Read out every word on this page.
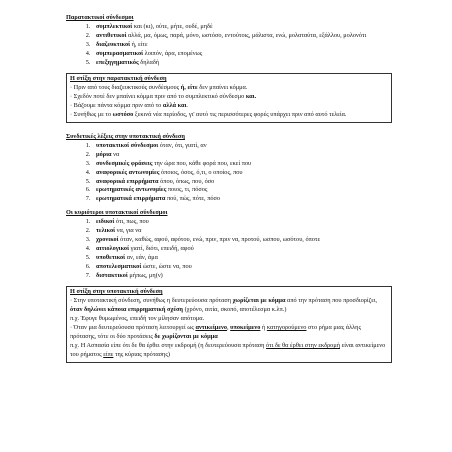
Παρατακτικοί σύνδεσμοι

1. συμπλεκτικοί και (κι), ούτε, μήτε, ουδέ, μηδέ
2. αντιθετικοί αλλά, μα, όμως, παρά, μόνο, ωστόσο, εντούτοις, μάλιστα, ενώ, μολαταύτα, εξάλλου, μολονότι
3. διαζευκτικοί ή, είτε
4. συμπερασματικοί λοιπόν, άρα, επομένως
5. επεξηγηματικός δηλαδή
Η στίξη στην παρατακτική σύνδεση

· Πριν από τους διαζευκτικούς συνδέσμους ή, είτε δεν μπαίνει κόμμα.

· Σχεδόν ποτέ δεν μπαίνει κόμμα πριν από το συμπλεκτικό σύνδεσμο και.

· Βάζουμε πάντα κόμμα πριν από το αλλά και.

· Συνήθως με το ωστόσο ξεκινά νέα περίοδος, γι' αυτό τις περισσότερες φορές υπάρχει πριν από αυτό τελεία.

Συνδετικές λέξεις στην υποτακτική σύνδεση

1. υποτακτικοί σύνδεσμοι όταν, ότι, γιατί, αν
2. μόρια να
3. συνδεσμικές φράσεις την ώρα που, κάθε φορά που, εκεί που
4. αναφορικές αντωνυμίες όποιος, όσος, ό,τι, ο οποίος, που
5. αναφορικά επιρρήματα όπου, όπως, που, όσο
6. ερωτηματικές αντωνυμίες ποιος, τι, πόσος
7. ερωτηματικά επιρρήματα πού, πώς, πότε, πόσο

Οι κυριότεροι υποτακτικοί σύνδεσμοι

1. ειδικοί ότι, πως, που
2. τελικοί να, για να
3. χρονικοί όταν, καθώς, αφού, αφότου, ενώ, πριν, πριν να, προτού, ωσπου, ωσότου, όποτε
4. αιτιολογικοί γιατί, διότι, επειδή, αφού
5. υποθετικοί αν, εάν, άμα
6. αποτελεσματικοί ώστε, ώστε να, που
7. διστακτικοί μήπως, μη(ν)
Η στίξη στην υποτακτική σύνδεση

· Στην υποτακτική σύνδεση, συνήθως η δευτερεύουσα πρόταση χωρίζεται με κόμμα από την πρόταση που προσδιορίζει, όταν δηλώνει κάποια επιρρηματική σχέση (χρόνο, αιτία, σκοπό, αποτέλεσμα κ.λπ.)

π.χ. Έφυγε θυμωμένος, επειδή τον μίλησαν απότομα.

· Όταν μια δευτερεύουσα πρόταση λειτουργεί ως αντικείμενο, υποκείμενο ή κατηγορούμενο στο ρήμα μιας άλλης πρότασης, τότε οι δύο προτάσεις δε χωρίζονται με κόμμα

π.χ. Η Ασπασία είπε ότι δε θα έρθει στην εκδρομή (η δευτερεύουσα πρόταση ότι δε θα έρθει στην εκδρομή είναι αντικείμενο του ρήματος είπε της κύριας πρότασης)
